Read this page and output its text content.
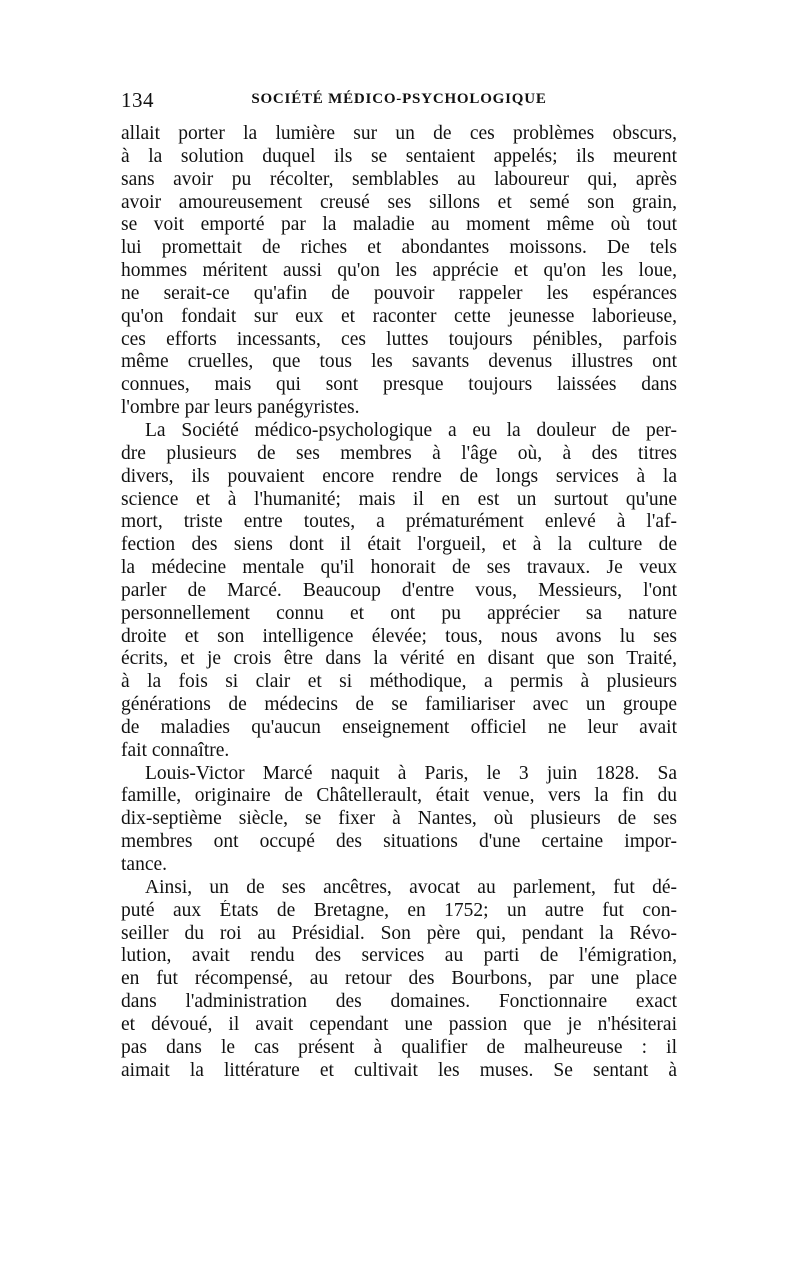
134	SOCIÉTÉ MÉDICO-PSYCHOLOGIQUE
allait porter la lumière sur un de ces problèmes obscurs,
à la solution duquel ils se sentaient appelés; ils meurent
sans avoir pu récolter, semblables au laboureur qui, après
avoir amoureusement creusé ses sillons et semé son grain,
se voit emporté par la maladie au moment même où tout
lui promettait de riches et abondantes moissons. De tels
hommes méritent aussi qu'on les apprécie et qu'on les loue,
ne serait-ce qu'afin de pouvoir rappeler les espérances
qu'on fondait sur eux et raconter cette jeunesse laborieuse,
ces efforts incessants, ces luttes toujours pénibles, parfois
même cruelles, que tous les savants devenus illustres ont
connues, mais qui sont presque toujours laissées dans
l'ombre par leurs panégyristes.
La Société médico-psychologique a eu la douleur de per-
dre plusieurs de ses membres à l'âge où, à des titres
divers, ils pouvaient encore rendre de longs services à la
science et à l'humanité; mais il en est un surtout qu'une
mort, triste entre toutes, a prématurément enlevé à l'af-
fection des siens dont il était l'orgueil, et à la culture de
la médecine mentale qu'il honorait de ses travaux. Je veux
parler de Marcé. Beaucoup d'entre vous, Messieurs, l'ont
personnellement connu et ont pu apprécier sa nature
droite et son intelligence élevée; tous, nous avons lu ses
écrits, et je crois être dans la vérité en disant que son Traité,
à la fois si clair et si méthodique, a permis à plusieurs
générations de médecins de se familiariser avec un groupe
de maladies qu'aucun enseignement officiel ne leur avait
fait connaître.
Louis-Victor Marcé naquit à Paris, le 3 juin 1828. Sa
famille, originaire de Châtellerault, était venue, vers la fin du
dix-septième siècle, se fixer à Nantes, où plusieurs de ses
membres ont occupé des situations d'une certaine impor-
tance.
Ainsi, un de ses ancêtres, avocat au parlement, fut dé-
puté aux États de Bretagne, en 1752; un autre fut con-
seiller du roi au Présidial. Son père qui, pendant la Révo-
lution, avait rendu des services au parti de l'émigration,
en fut récompensé, au retour des Bourbons, par une place
dans l'administration des domaines. Fonctionnaire exact
et dévoué, il avait cependant une passion que je n'hésiterai
pas dans le cas présent à qualifier de malheureuse : il
aimait la littérature et cultivait les muses. Se sentant à
